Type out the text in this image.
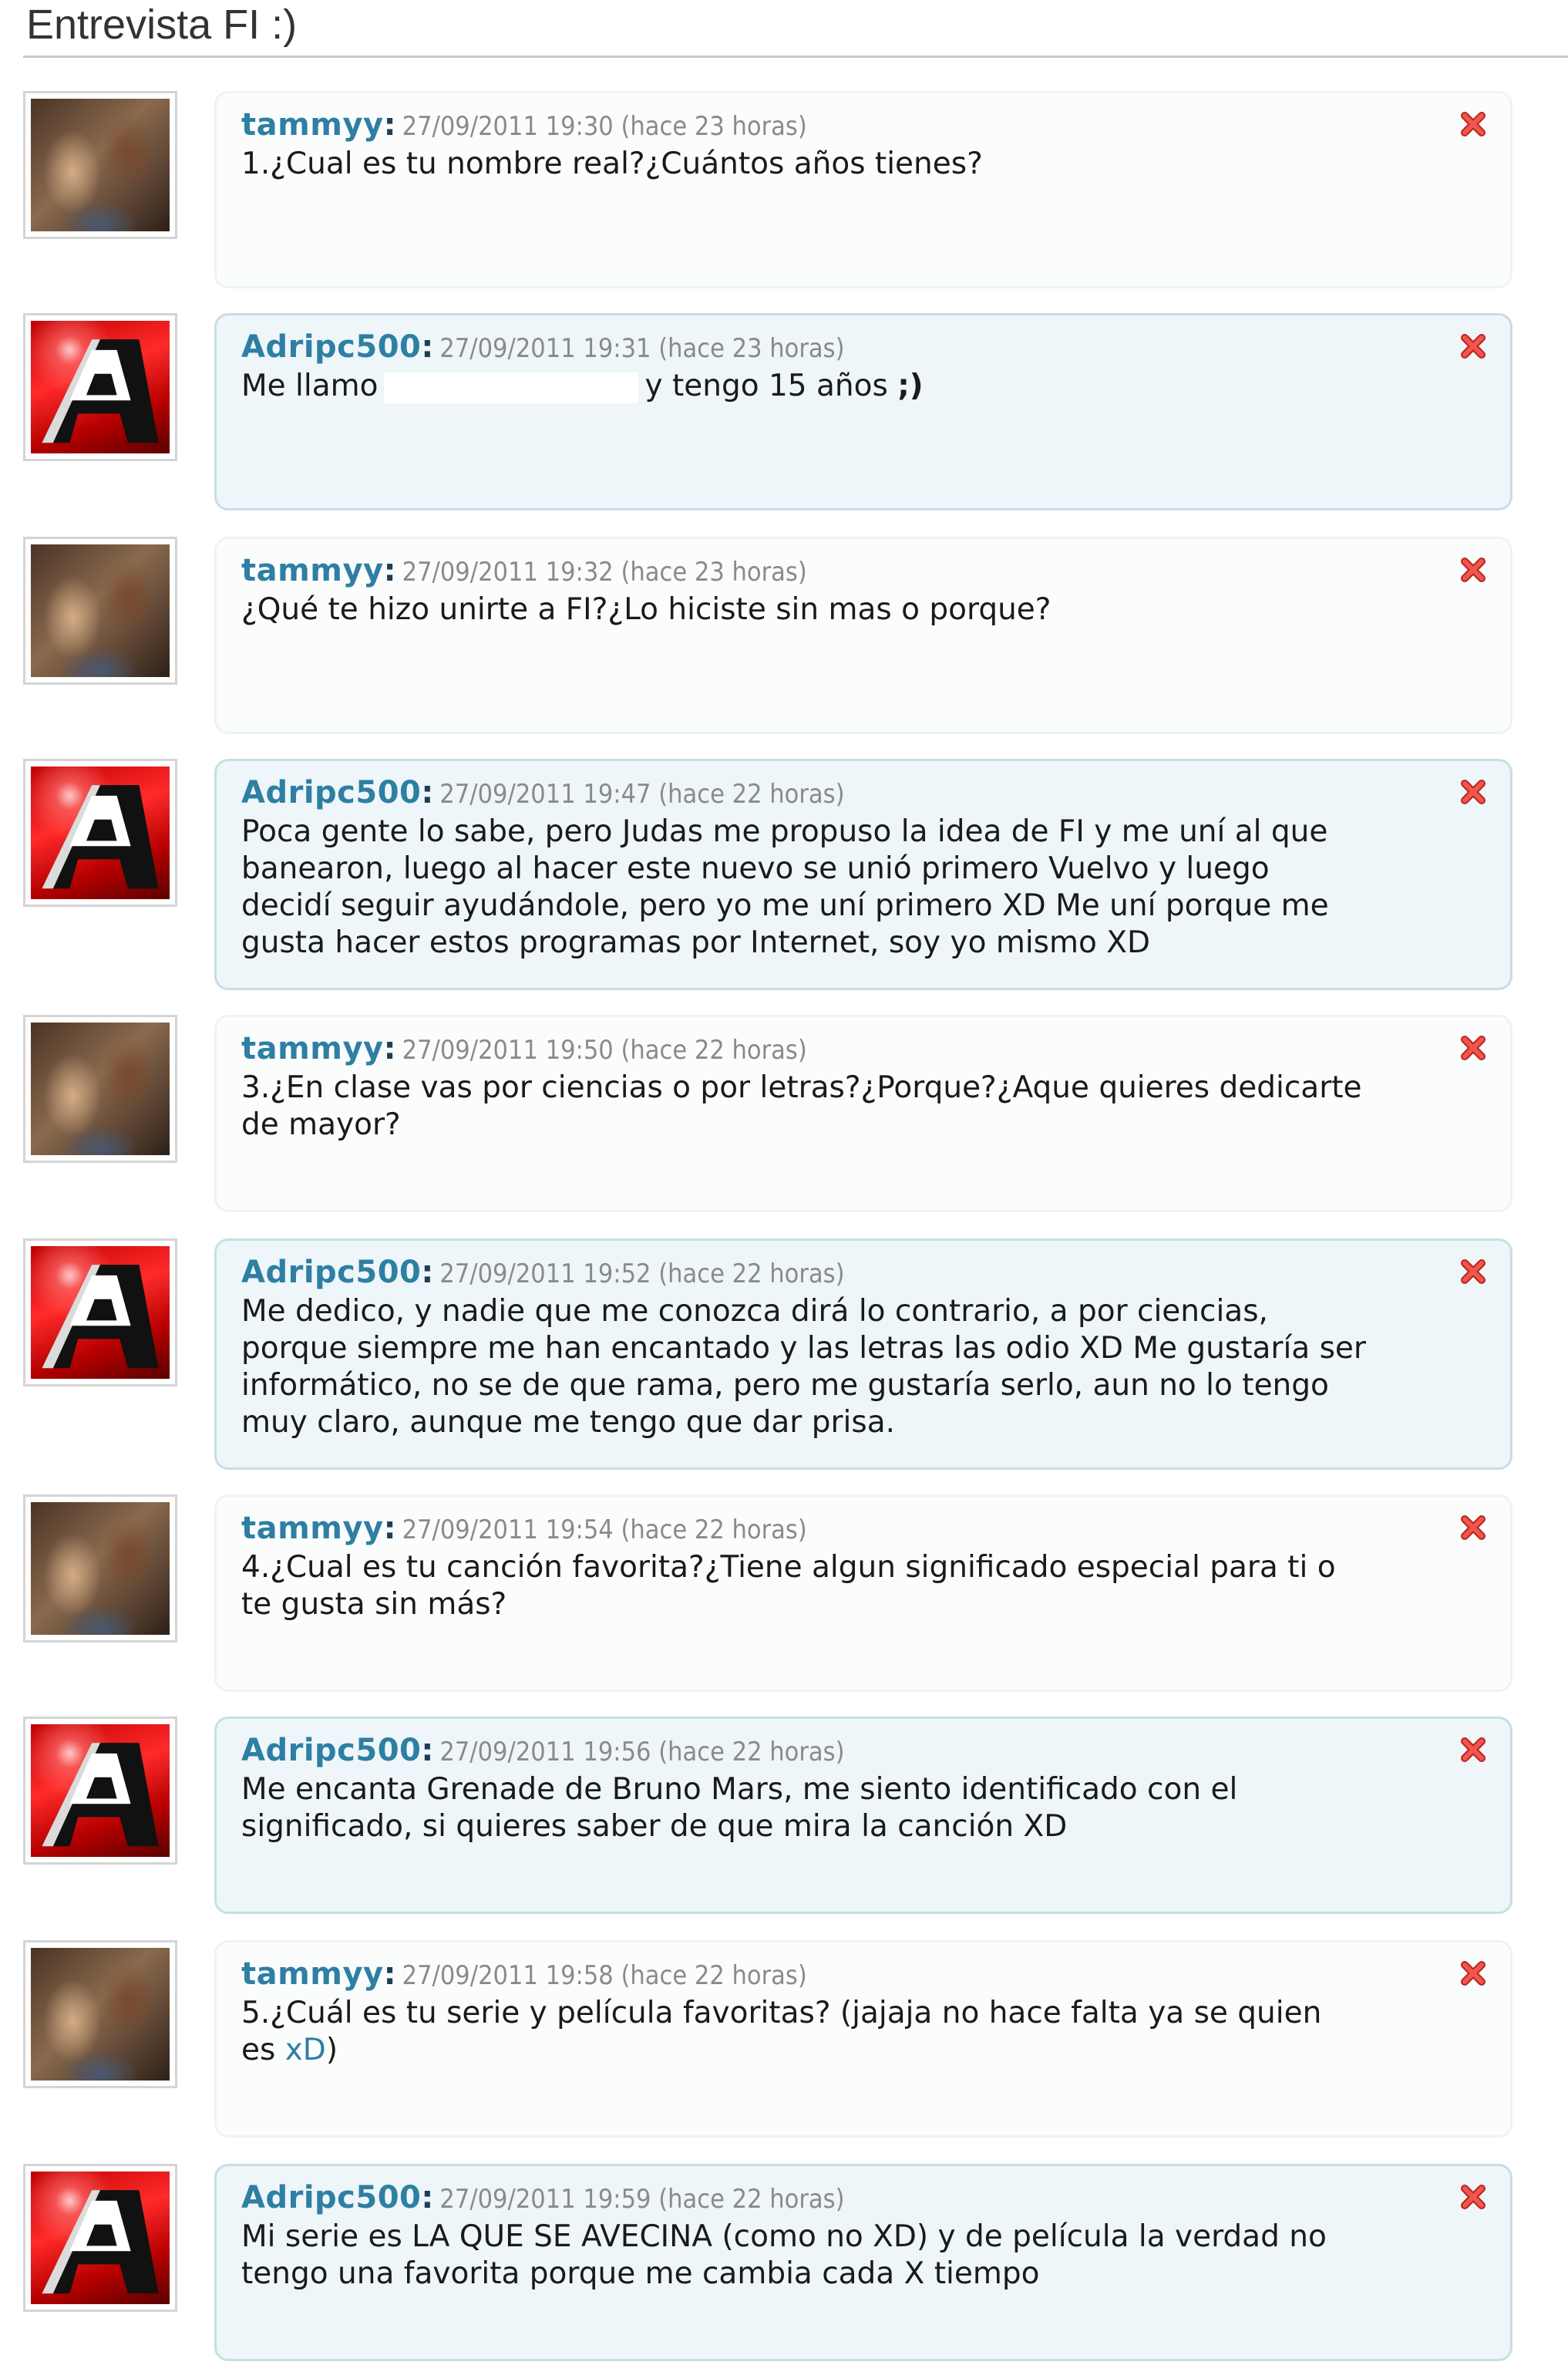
Entrevista FI :)
tammyy: 27/09/2011 19:30 (hace 23 horas)
1.¿Cual es tu nombre real?¿Cuántos años tienes?
Adripc500: 27/09/2011 19:31 (hace 23 horas)
Me llamo	y tengo 15 años ;)
tammyy: 27/09/2011 19:32 (hace 23 horas)
¿Qué te hizo unirte a FI?¿Lo hiciste sin mas o porque?
Adripc500: 27/09/2011 19:47 (hace 22 horas)
Poca gente lo sabe, pero Judas me propuso la idea de FI y me uní al que
banearon, luego al hacer este nuevo se unió primero Vuelvo y luego
decidí seguir ayudándole, pero yo me uní primero XD Me uní porque me
gusta hacer estos programas por Internet, soy yo mismo XD
tammyy: 27/09/2011 19:50 (hace 22 horas)
3.¿En clase vas por ciencias o por letras?¿Porque?¿Aque quieres dedicarte
de mayor?
Adripc500: 27/09/2011 19:52 (hace 22 horas)
Me dedico, y nadie que me conozca dirá lo contrario, a por ciencias,
porque siempre me han encantado y las letras las odio XD Me gustaría ser
informático, no se de que rama, pero me gustaría serlo, aun no lo tengo
muy claro, aunque me tengo que dar prisa.
tammyy: 27/09/2011 19:54 (hace 22 horas)
4.¿Cual es tu canción favorita?¿Tiene algun significado especial para ti o
te gusta sin más?
Adripc500: 27/09/2011 19:56 (hace 22 horas)
Me encanta Grenade de Bruno Mars, me siento identificado con el
significado, si quieres saber de que mira la canción XD
tammyy: 27/09/2011 19:58 (hace 22 horas)
5.¿Cuál es tu serie y película favoritas? (jajaja no hace falta ya se quien
es xD)
Adripc500: 27/09/2011 19:59 (hace 22 horas)
Mi serie es LA QUE SE AVECINA (como no XD) y de película la verdad no
tengo una favorita porque me cambia cada X tiempo
